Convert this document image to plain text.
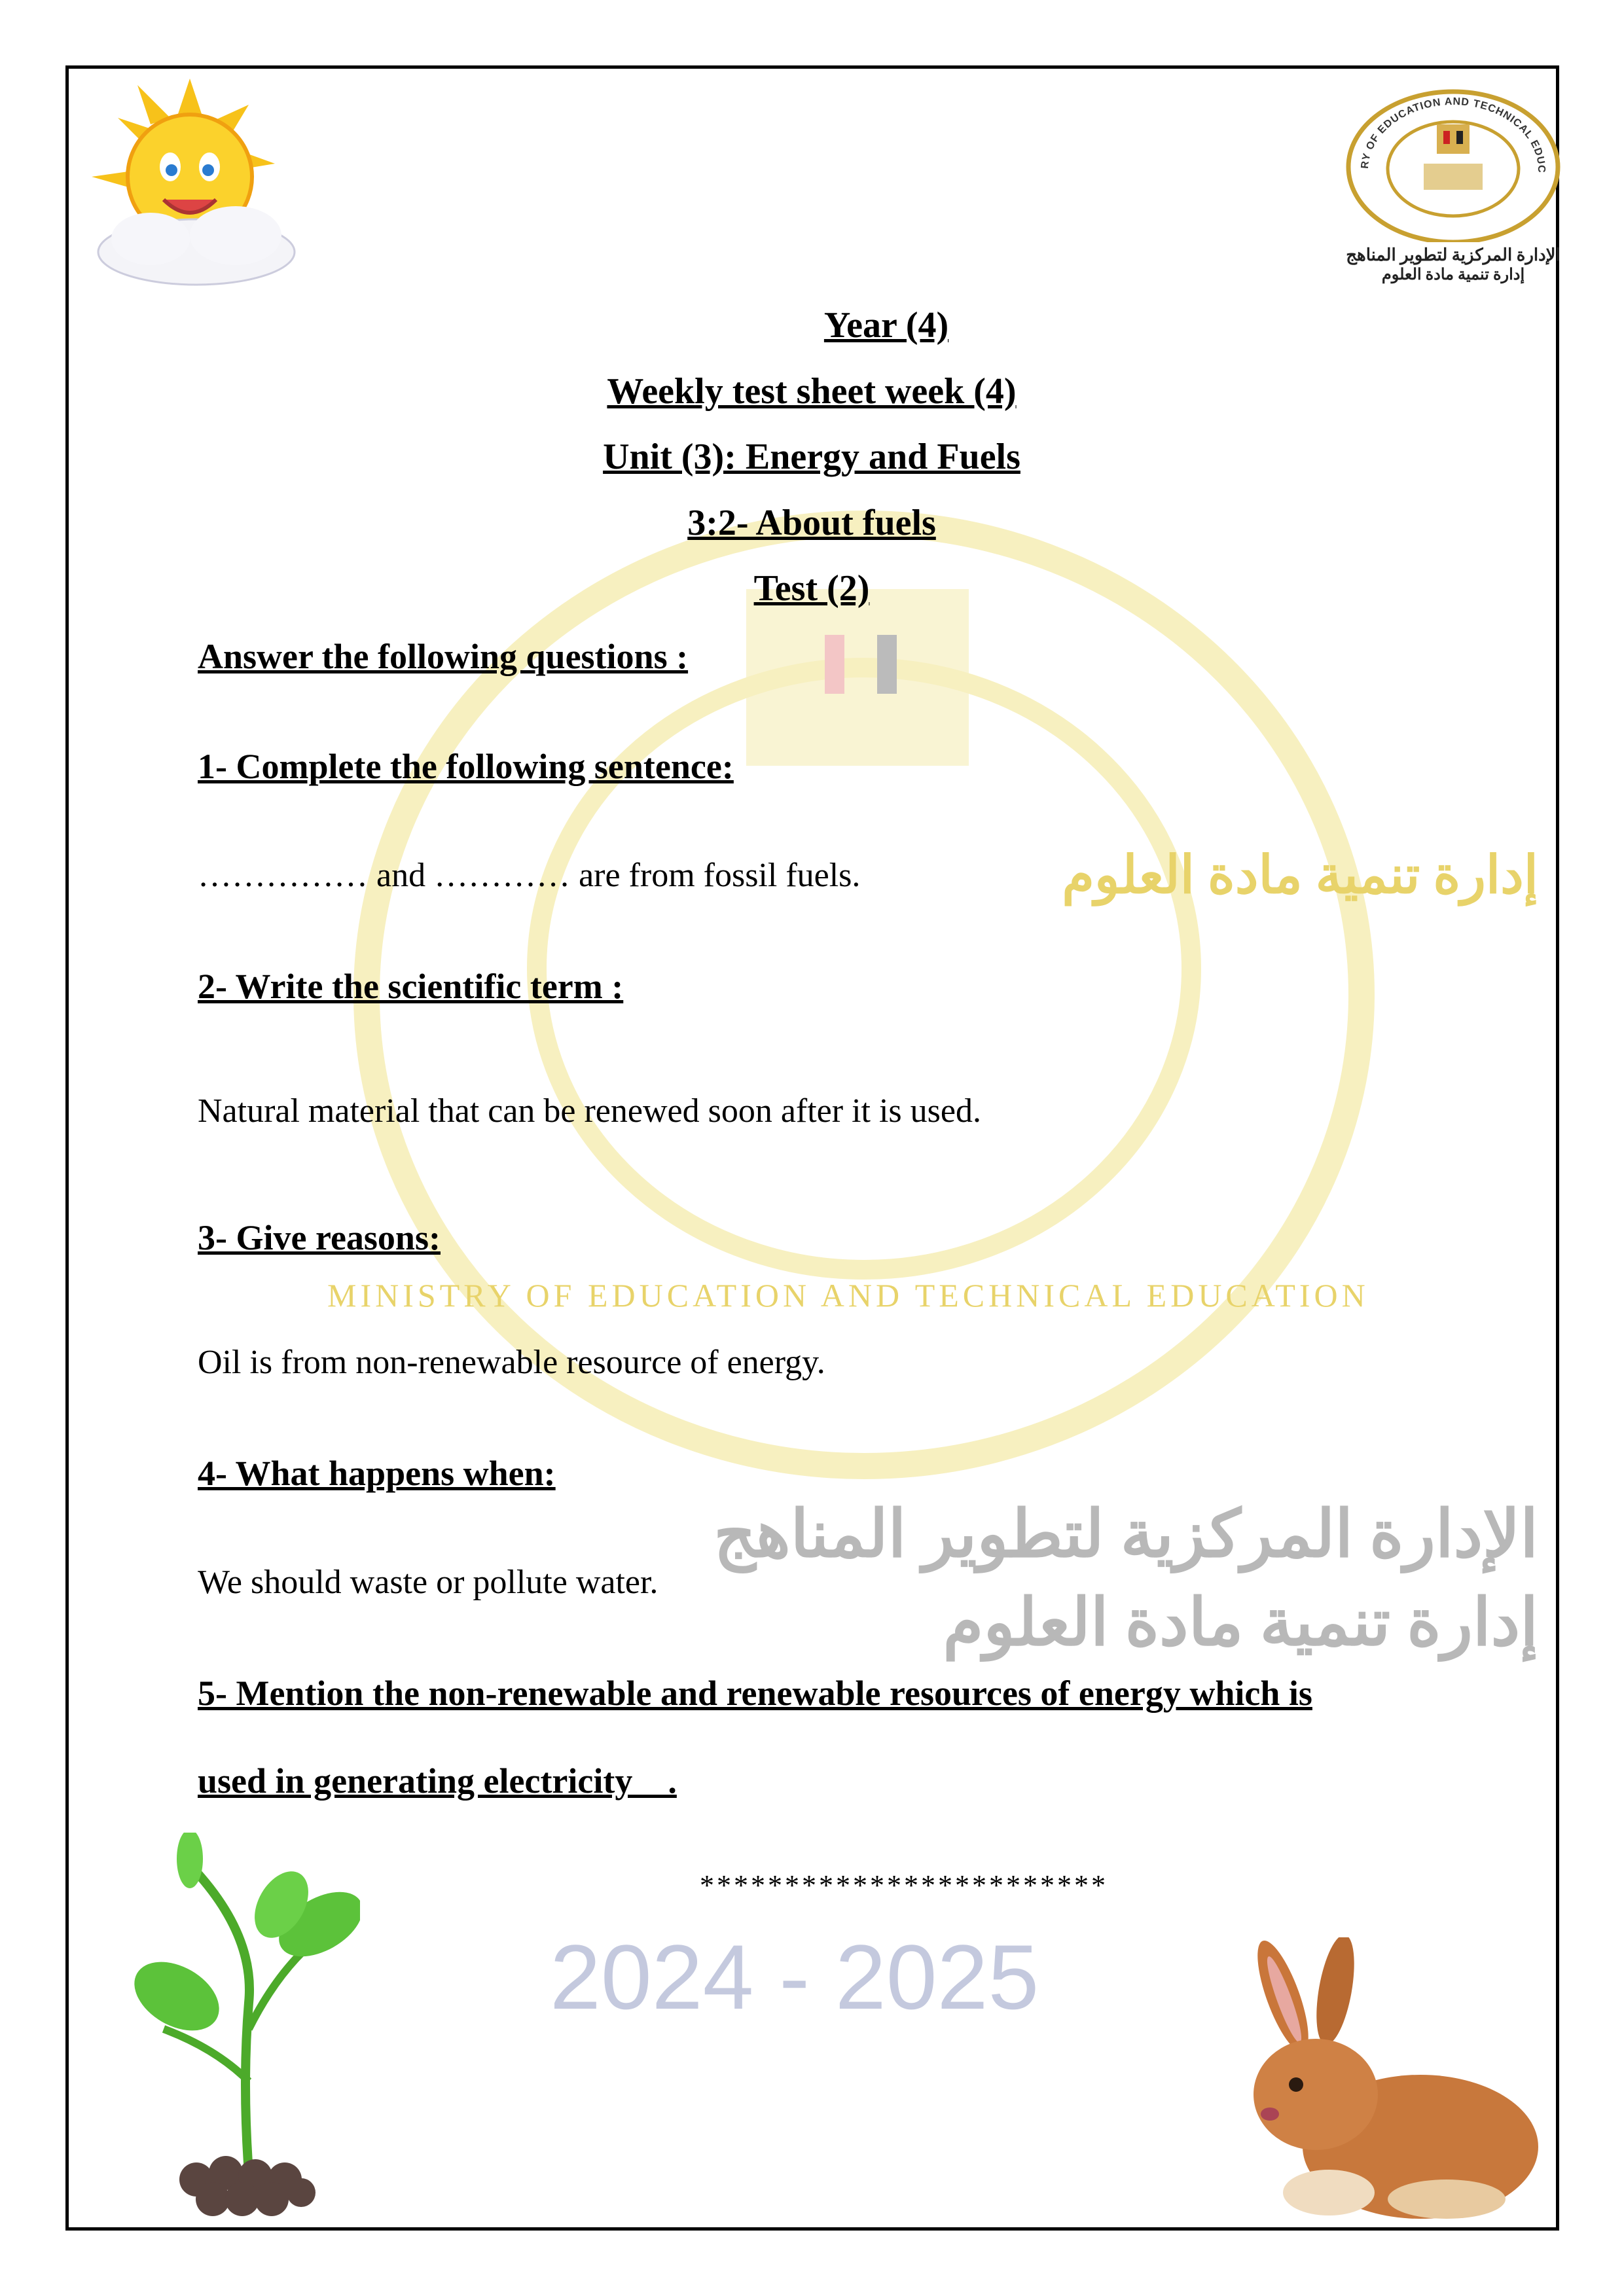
إدارة تنمية مادة العلوم
MINISTRY OF EDUCATION AND TECHNICAL EDUCATION
الإدارة المركزية لتطوير المناهج
إدارة تنمية مادة العلوم
2024 - 2025
RY OF EDUCATION AND TECHNICAL EDUC
الإدارة المركزية لتطوير المناهج
إدارة تنمية مادة العلوم
Year (4)
Weekly test sheet week (4)
Unit (3): Energy and Fuels
3:2- About fuels
Test (2)
Answer the following questions :
1- Complete the following sentence:
…………… and ………… are from fossil fuels.
2- Write the scientific term :
Natural material that can be renewed soon after it is used.
3- Give reasons:
Oil is from non-renewable resource of energy.
4- What happens when:
We should waste or pollute water.
5- Mention the non-renewable and renewable resources of energy which is
used in generating electricity    .
************************
